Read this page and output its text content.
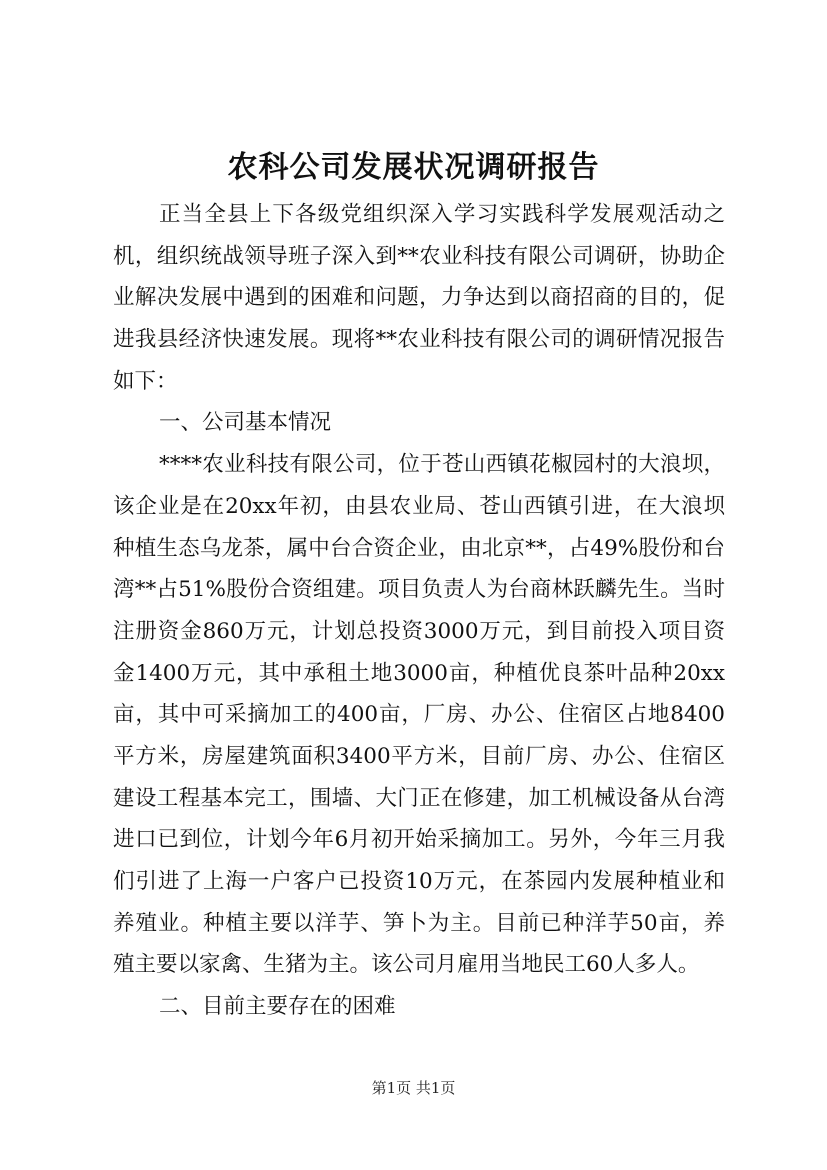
农科公司发展状况调研报告
正当全县上下各级党组织深入学习实践科学发展观活动之
机，组织统战领导班子深入到**农业科技有限公司调研，协助企
业解决发展中遇到的困难和问题，力争达到以商招商的目的，促
进我县经济快速发展。现将**农业科技有限公司的调研情况报告
如下：
一、公司基本情况
****农业科技有限公司，位于苍山西镇花椒园村的大浪坝，
该企业是在20xx年初，由县农业局、苍山西镇引进，在大浪坝
种植生态乌龙茶，属中台合资企业，由北京**，占49%股份和台
湾**占51%股份合资组建。项目负责人为台商林跃麟先生。当时
注册资金860万元，计划总投资3000万元，到目前投入项目资
金1400万元，其中承租土地3000亩，种植优良茶叶品种20xx
亩，其中可采摘加工的400亩，厂房、办公、住宿区占地8400
平方米，房屋建筑面积3400平方米，目前厂房、办公、住宿区
建设工程基本完工，围墙、大门正在修建，加工机械设备从台湾
进口已到位，计划今年6月初开始采摘加工。另外，今年三月我
们引进了上海一户客户已投资10万元，在茶园内发展种植业和
养殖业。种植主要以洋芋、笋卜为主。目前已种洋芋50亩，养
殖主要以家禽、生猪为主。该公司月雇用当地民工60人多人。
二、目前主要存在的困难
第1页 共1页
